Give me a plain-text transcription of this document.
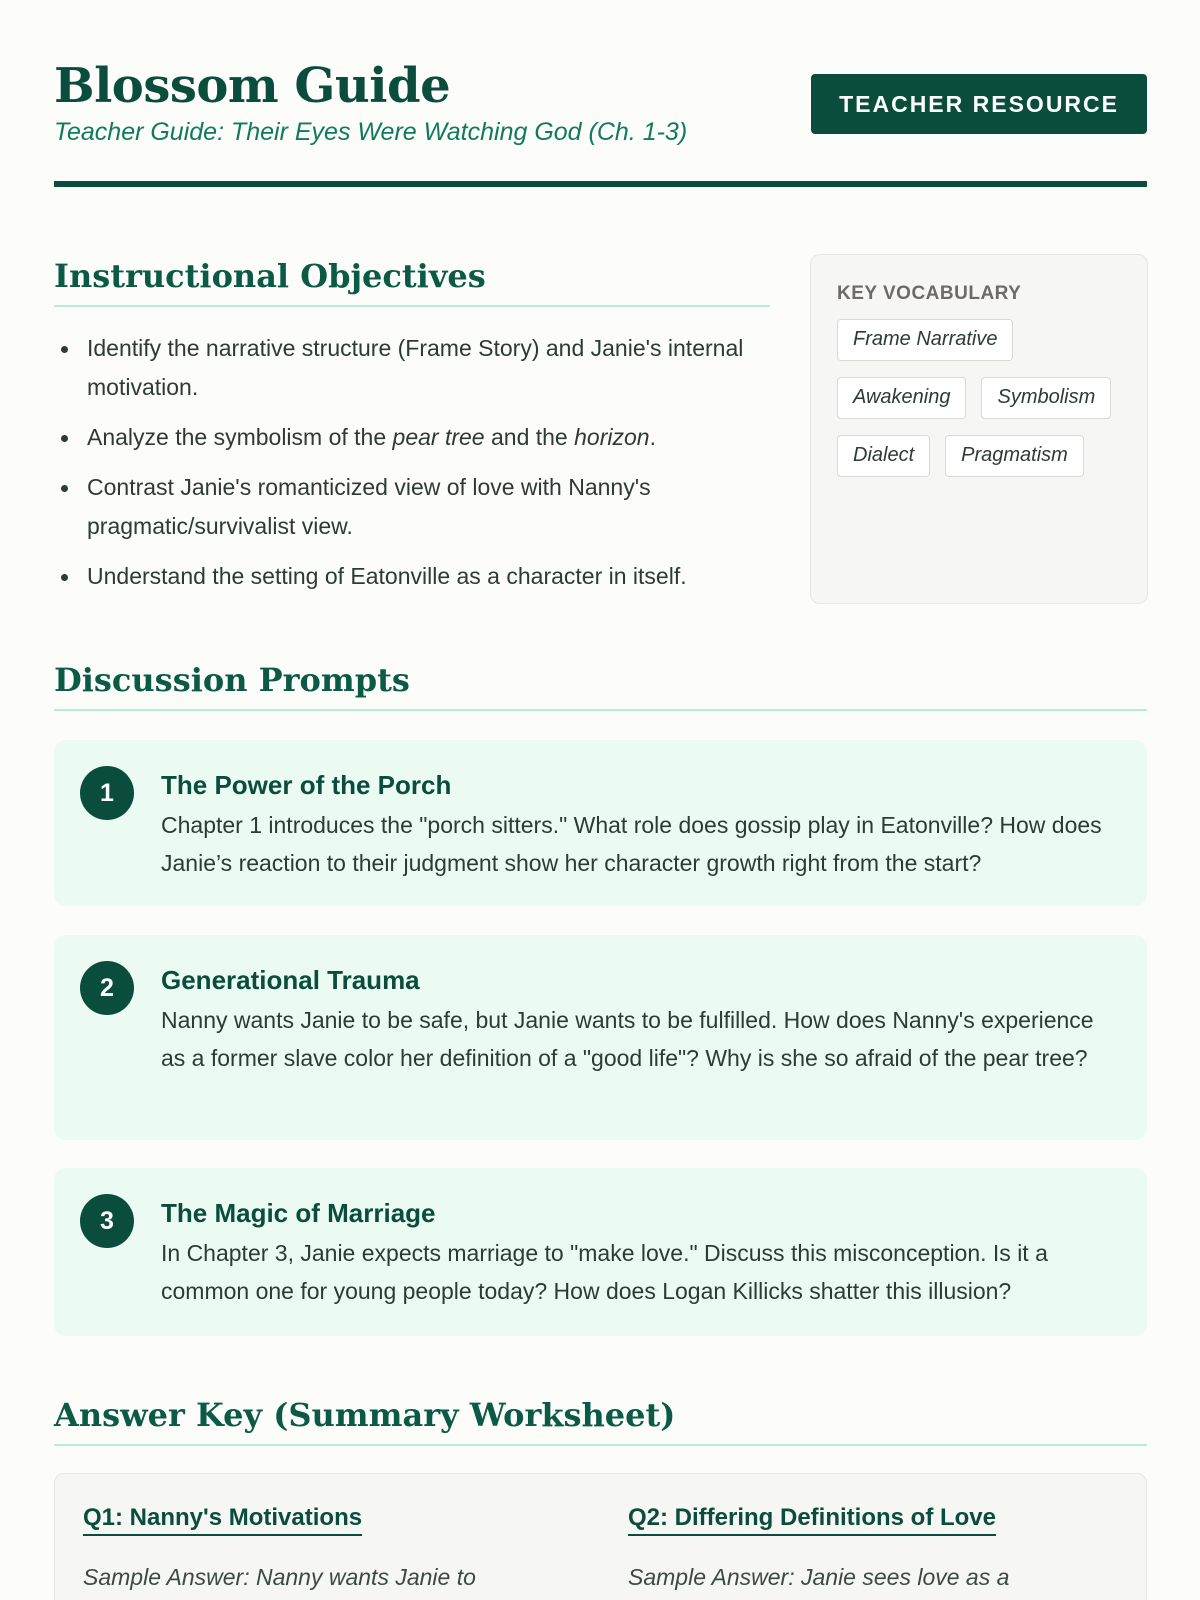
Blossom Guide
Teacher Guide: Their Eyes Were Watching God (Ch. 1-3)
TEACHER RESOURCE
Instructional Objectives
Identify the narrative structure (Frame Story) and Janie's internal motivation.
Analyze the symbolism of the pear tree and the horizon.
Contrast Janie's romanticized view of love with Nanny's pragmatic/survivalist view.
Understand the setting of Eatonville as a character in itself.
KEY VOCABULARY
Frame Narrative
Awakening	Symbolism
Dialect	Pragmatism
Discussion Prompts
1	The Power of the Porch
Chapter 1 introduces the "porch sitters." What role does gossip play in Eatonville? How does Janie’s reaction to their judgment show her character growth right from the start?
2	Generational Trauma
Nanny wants Janie to be safe, but Janie wants to be fulfilled. How does Nanny's experience as a former slave color her definition of a "good life"? Why is she so afraid of the pear tree?
3	The Magic of Marriage
In Chapter 3, Janie expects marriage to "make love." Discuss this misconception. Is it a common one for young people today? How does Logan Killicks shatter this illusion?
Answer Key (Summary Worksheet)
Q1: Nanny's Motivations
Sample Answer: Nanny wants Janie to
Q2: Differing Definitions of Love
Sample Answer: Janie sees love as a
